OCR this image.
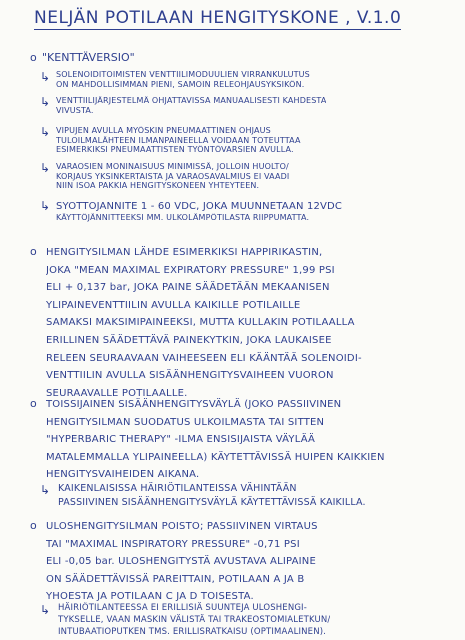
NELJÄN POTILAAN HENGITYSKONE , V.1.0
o "KENTTÄVERSIO"
↳ SOLENOIDITOIMISTEN VENTTIILIMODUULIEN VIRRANKULUTUS
ON MAHDOLLISIMMAN PIENI, SAMOIN RELEOHJAUSYKSIKÖN.
↳ VENTTIILIJÄRJESTELMÄ OHJATTAVISSA MANUAALISESTI KAHDESTA
VIVUSTA.
↳ VIPUJEN AVULLA MYÖSKIN PNEUMAATTINEN OHJAUS
TULOILMALÄHTEEN ILMANPAINEELLA VOIDAAN TOTEUTTAA
ESIMERKIKSI PNEUMAATTISTEN TYÖNTÖVARSIEN AVULLA.
↳ VARAOSIEN MONINAISUUS MINIMISSÄ, JOLLOIN HUOLTO/
KORJAUS YKSINKERTAISTA JA VARAOSAVALMIUS EI VAADI
NIIN ISOA PAKKIA HENGITYSKONEEN YHTEYTEEN.
↳ SYÖTTÖJÄNNITE 1 - 60 VDC, JOKA MUUNNETAAN 12VDC
KÄYTTÖJÄNNITTEEKSI MM. ULKOLÄMPÖTILASTA RIIPPUMATTA.
o HENGITYSILMAN LÄHDE ESIMERKIKSI HAPPIRIKASTIN,
JOKA "MEAN MAXIMAL EXPIRATORY PRESSURE" 1,99 PSI
ELI + 0,137 bar, JOKA PAINE SÄÄDETÄÄN MEKAANISEN
YLIPAINEVENTTIILIN AVULLA KAIKILLE POTILAILLE
SAMAKSI MAKSIMIPAINEEKSI, MUTTA KULLAKIN POTILAALLA
ERILLINEN SÄÄDETTÄVÄ PAINEKYTKIN, JOKA LAUKAISEE
RELEEN SEURAAVAAN VAIHEESEEN ELI KÄÄNTÄÄ SOLENOIDI-
VENTTIILIN AVULLA SISÄÄNHENGITYSVAIHEEN VUORON
SEURAAVALLE POTILAALLE.
o TOISSIJAINEN SISÄÄNHENGITYSVÄYLÄ (JOKO PASSIIVINEN
HENGITYSILMAN SUODATUS ULKOILMASTA TAI SITTEN
"HYPERBARIC THERAPY" -ILMA ENSISIJAISTA VÄYLÄÄ
MATALEMMALLA YLIPAINEELLA) KÄYTETTÄVISSÄ HUIPEN KAIKKIEN
HENGITYSVAIHEIDEN AIKANA.
↳ KAIKENLAISISSA HÄIRIÖTILANTEISSA VÄHINTÄÄN
PASSIIVINEN SISÄÄNHENGITYSVÄYLÄ KÄYTETTÄVISSÄ KAIKILLA.
o ULOSHENGITYSILMAN POISTO; PASSIIVINEN VIRTAUS
TAI "MAXIMAL INSPIRATORY PRESSURE" -0,71 PSI
ELI -0,05 bar. ULOSHENGITYSTÄ AVUSTAVA ALIPAINE
ON SÄÄDETTÄVISSÄ PAREITTAIN, POTILAAN A JA B
YHOESTA JA POTILAAN C JA D TOISESTA.
↳ HÄIRIÖTILANTEESSA EI ERILLISIÄ SUUNTEJA ULOSHENGI-
TYKSELLE, VAAN MASKIN VÄLISTÄ TAI TRAKEOSTOMIALETKUN/
INTUBAATIOPUTKEN TMS. ERILLISRATKAISU (OPTIMAALINEN).
